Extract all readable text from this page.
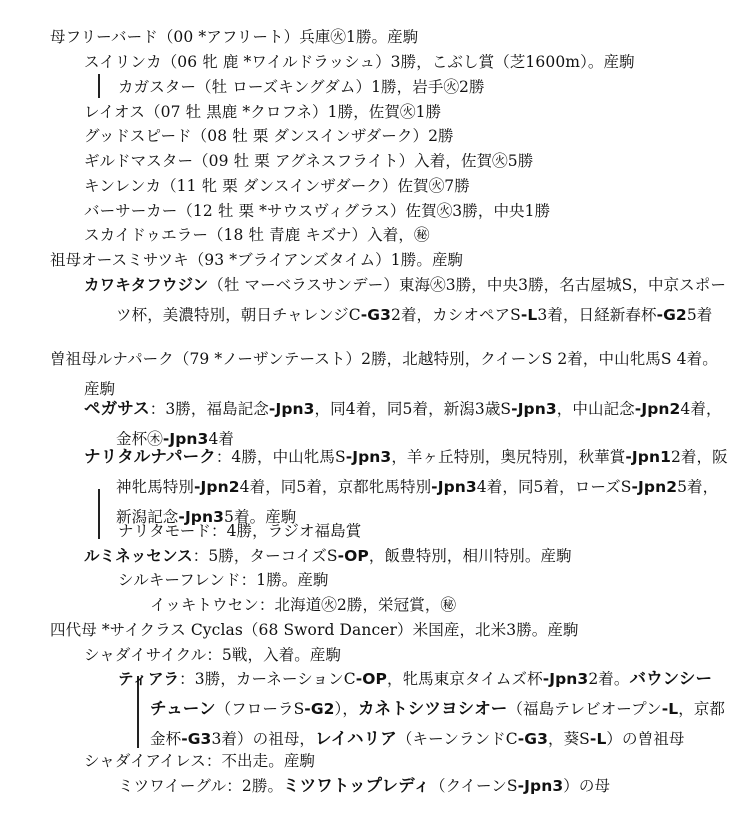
母フリーバード（00 *アフリート）兵庫㊋1勝。産駒

スイリンカ（06 牝 鹿 *ワイルドラッシュ）3勝，こぶし賞（芝1600m）。産駒

カガスター（牡 ローズキングダム）1勝，岩手㊋2勝

レイオス（07 牡 黒鹿 *クロフネ）1勝，佐賀㊋1勝

グッドスピード（08 牡 栗 ダンスインザダーク）2勝

ギルドマスター（09 牡 栗 アグネスフライト）入着，佐賀㊋5勝

キンレンカ（11 牝 栗 ダンスインザダーク）佐賀㊋7勝

バーサーカー（12 牡 栗 *サウスヴィグラス）佐賀㊋3勝，中央1勝

スカイドゥエラー（18 牡 青鹿 キズナ）入着，㊙

祖母オースミサツキ（93 *ブライアンズタイム）1勝。産駒

カワキタフウジン（牡 マーベラスサンデー）東海㊋3勝，中央3勝，名古屋城S，中京スポーツ杯，美濃特別，朝日チャレンジC-G32着，カシオペアS-L3着，日経新春杯-G25着

曽祖母ルナパーク（79 *ノーザンテースト）2勝，北越特別，クイーンS 2着，中山牝馬S 4着。産駒

ペガサス：3勝，福島記念-Jpn3，同4着，同5着，新潟3歳S-Jpn3，中山記念-Jpn24着，金杯㊍-Jpn34着

ナリタルナパーク：4勝，中山牝馬S-Jpn3，羊ヶ丘特別，奥尻特別，秋華賞-Jpn12着，阪神牝馬特別-Jpn24着，同5着，京都牝馬特別-Jpn34着，同5着，ローズS-Jpn25着，新潟記念-Jpn35着。産駒

ナリタモード：4勝，ラジオ福島賞

ルミネッセンス：5勝，ターコイズS-OP，飯豊特別，相川特別。産駒

シルキーフレンド：1勝。産駒

イッキトウセン：北海道㊋2勝，栄冠賞，㊙

四代母 *サイクラス Cyclas（68 Sword Dancer）米国産，北米3勝。産駒

シャダイサイクル：5戦，入着。産駒

ティアラ：3勝，カーネーションC-OP，牝馬東京タイムズ杯-Jpn32着。バウンシーチューン（フローラS-G2），カネトシツヨシオー（福島テレビオープン-L，京都金杯-G33着）の祖母，レイハリア（キーンランドC-G3，葵S-L）の曽祖母

シャダイアイレス：不出走。産駒

ミツワイーグル：2勝。ミツワトップレディ（クイーンS-Jpn3）の母
